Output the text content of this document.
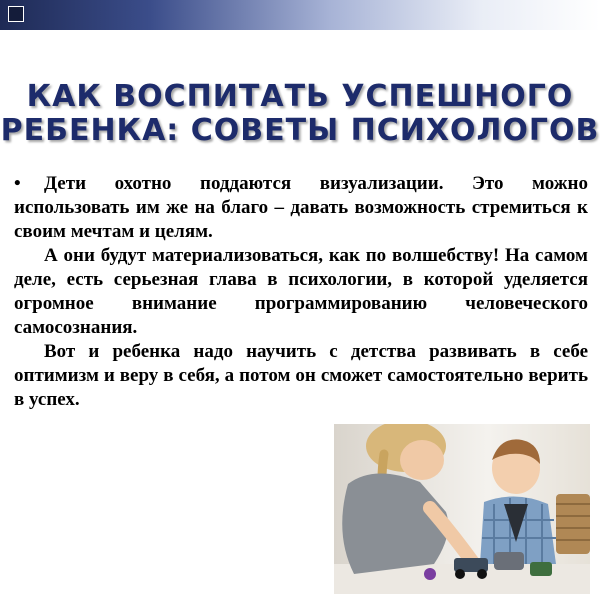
КАК ВОСПИТАТЬ УСПЕШНОГО
РЕБЕНКА: СОВЕТЫ ПСИХОЛОГОВ

• Дети охотно поддаются визуализации. Это можно использовать им же на благо – давать возможность стремиться к своим мечтам и целям.

А они будут материализоваться, как по волшебству! На самом деле, есть серьезная глава в психологии, в которой уделяется огромное внимание программированию человеческого самосознания.

Вот и ребенка надо научить с детства развивать в себе оптимизм и веру в себя, а потом он сможет самостоятельно верить в успех.
